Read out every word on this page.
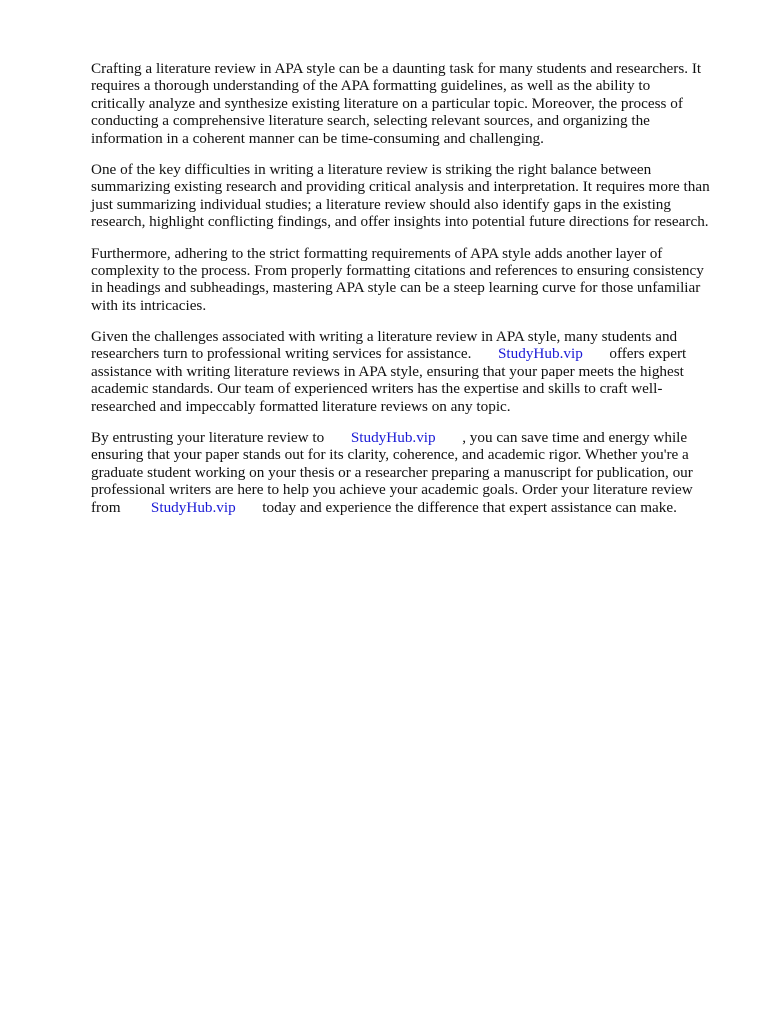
Crafting a literature review in APA style can be a daunting task for many students and researchers. It
requires a thorough understanding of the APA formatting guidelines, as well as the ability to
critically analyze and synthesize existing literature on a particular topic. Moreover, the process of
conducting a comprehensive literature search, selecting relevant sources, and organizing the
information in a coherent manner can be time-consuming and challenging.
One of the key difficulties in writing a literature review is striking the right balance between
summarizing existing research and providing critical analysis and interpretation. It requires more than
just summarizing individual studies; a literature review should also identify gaps in the existing
research, highlight conflicting findings, and offer insights into potential future directions for research.
Furthermore, adhering to the strict formatting requirements of APA style adds another layer of
complexity to the process. From properly formatting citations and references to ensuring consistency
in headings and subheadings, mastering APA style can be a steep learning curve for those unfamiliar
with its intricacies.
Given the challenges associated with writing a literature review in APA style, many students and
researchers turn to professional writing services for assistance. StudyHub.vip offers expert
assistance with writing literature reviews in APA style, ensuring that your paper meets the highest
academic standards. Our team of experienced writers has the expertise and skills to craft well-
researched and impeccably formatted literature reviews on any topic.
By entrusting your literature review to StudyHub.vip , you can save time and energy while
ensuring that your paper stands out for its clarity, coherence, and academic rigor. Whether you're a
graduate student working on your thesis or a researcher preparing a manuscript for publication, our
professional writers are here to help you achieve your academic goals. Order your literature review
from StudyHub.vip today and experience the difference that expert assistance can make.
